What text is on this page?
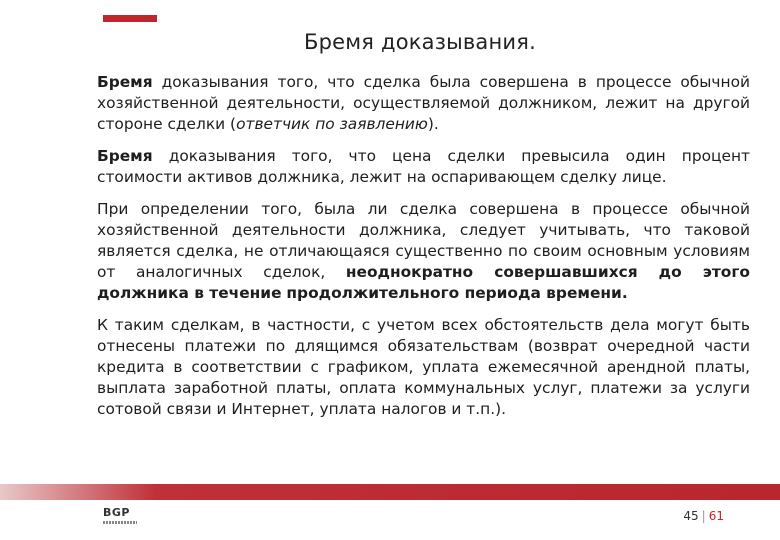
Бремя доказывания.

Бремя доказывания того, что сделка была совершена в процессе обычной хозяйственной деятельности, осуществляемой должником, лежит на другой стороне сделки (ответчик по заявлению).

Бремя доказывания того, что цена сделки превысила один процент стоимости активов должника, лежит на оспаривающем сделку лице.

При определении того, была ли сделка совершена в процессе обычной хозяйственной деятельности должника, следует учитывать, что таковой является сделка, не отличающаяся существенно по своим основным условиям от аналогичных сделок, неоднократно совершавшихся до этого должника в течение продолжительного периода времени.

К таким сделкам, в частности, с учетом всех обстоятельств дела могут быть отнесены платежи по длящимся обязательствам (возврат очередной части кредита в соответствии с графиком, уплата ежемесячной арендной платы, выплата заработной платы, оплата коммунальных услуг, платежи за услуги сотовой связи и Интернет, уплата налогов и т.п.).

BGP	45 | 61
